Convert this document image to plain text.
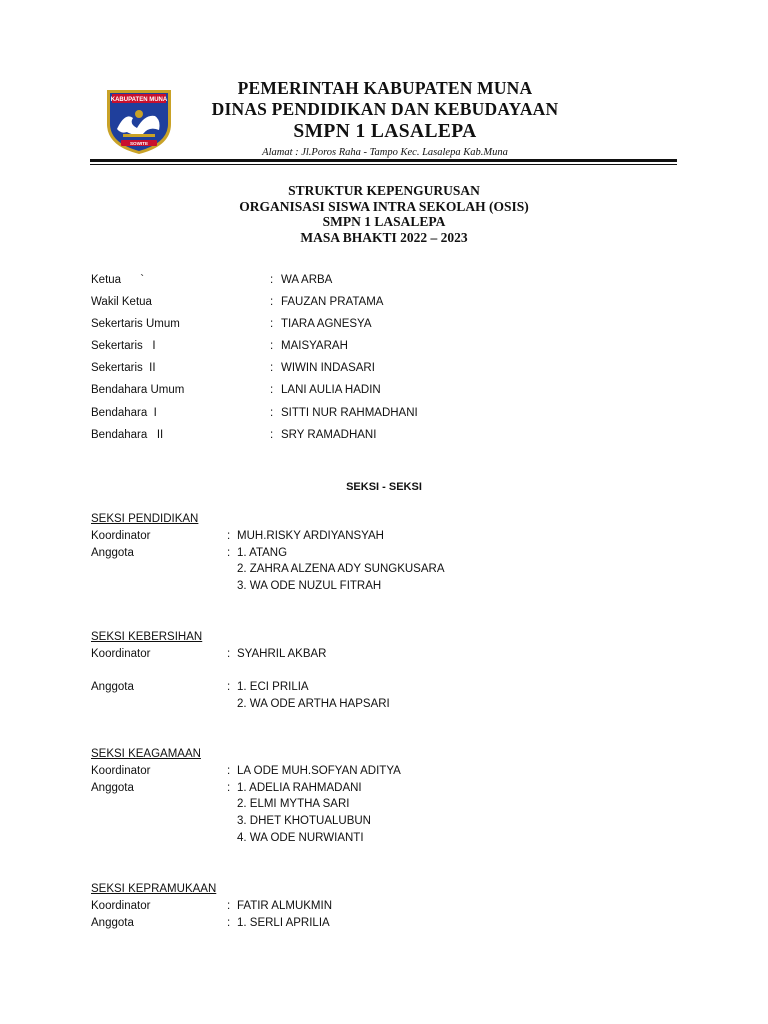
KABUPATEN MUNA
SOWITE
PEMERINTAH KABUPATEN MUNA
DINAS PENDIDIKAN DAN KEBUDAYAAN
SMPN 1 LASALEPA
Alamat : Jl.Poros Raha - Tampo Kec. Lasalepa Kab.Muna
STRUKTUR KEPENGURUSAN
ORGANISASI SISWA INTRA SEKOLAH (OSIS)
SMPN 1 LASALEPA
MASA BHAKTI 2022 – 2023
Ketua      `	: WA ARBA
Wakil Ketua	: FAUZAN PRATAMA
Sekertaris Umum	: TIARA AGNESYA
Sekertaris   I	: MAISYARAH
Sekertaris  II	: WIWIN INDASARI
Bendahara Umum	: LANI AULIA HADIN
Bendahara  I	: SITTI NUR RAHMADHANI
Bendahara   II	: SRY RAMADHANI
SEKSI - SEKSI
SEKSI PENDIDIKAN
Koordinator	: MUH.RISKY ARDIYANSYAH
Anggota	: 1. ATANG
2. ZAHRA ALZENA ADY SUNGKUSARA
3. WA ODE NUZUL FITRAH
SEKSI KEBERSIHAN
Koordinator	: SYAHRIL AKBAR
Anggota	: 1. ECI PRILIA
2. WA ODE ARTHA HAPSARI
SEKSI KEAGAMAAN
Koordinator	: LA ODE MUH.SOFYAN ADITYA
Anggota	: 1. ADELIA RAHMADANI
2. ELMI MYTHA SARI
3. DHET KHOTUALUBUN
4. WA ODE NURWIANTI
SEKSI KEPRAMUKAAN
Koordinator	: FATIR ALMUKMIN
Anggota	: 1. SERLI APRILIA
